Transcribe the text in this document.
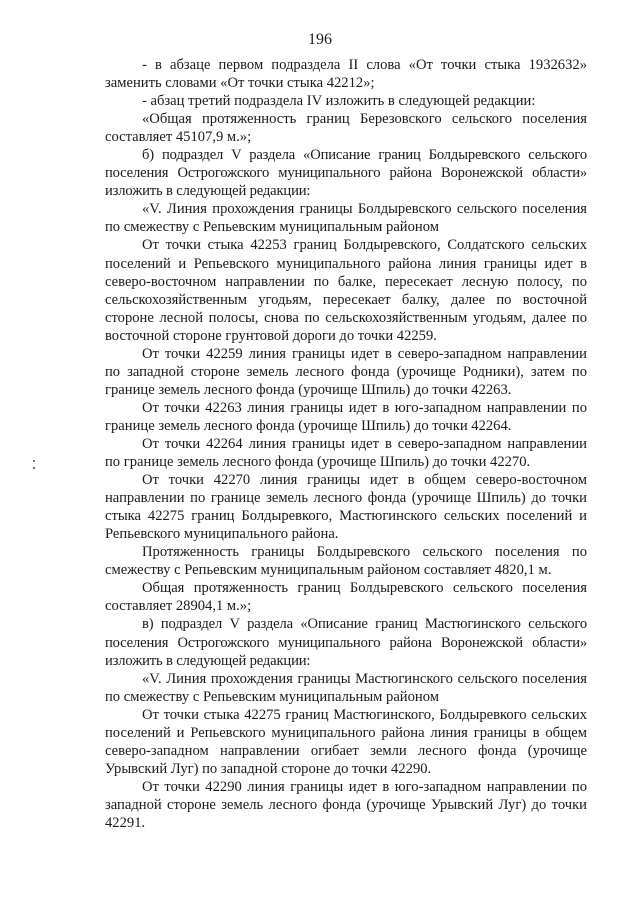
196

- в абзаце первом подраздела II слова «От точки стыка 1932632» заменить словами «От точки стыка 42212»;

- абзац третий подраздела IV изложить в следующей редакции:

«Общая протяженность границ Березовского сельского поселения составляет 45107,9 м.»;

б) подраздел V раздела «Описание границ Болдыревского сельского поселения Острогожского муниципального района Воронежской области» изложить в следующей редакции:

«V. Линия прохождения границы Болдыревского сельского поселения по смежеству с Репьевским муниципальным районом

От точки стыка 42253 границ Болдыревского, Солдатского сельских поселений и Репьевского муниципального района линия границы идет в северо-восточном направлении по балке, пересекает лесную полосу, по сельскохозяйственным угодьям, пересекает балку, далее по восточной стороне лесной полосы, снова по сельскохозяйственным угодьям, далее по восточной стороне грунтовой дороги до точки 42259.

От точки 42259 линия границы идет в северо-западном направлении по западной стороне земель лесного фонда (урочище Родники), затем по границе земель лесного фонда (урочище Шпиль) до точки 42263.

От точки 42263 линия границы идет в юго-западном направлении по границе земель лесного фонда (урочище Шпиль) до точки 42264.

От точки 42264 линия границы идет в северо-западном направлении по границе земель лесного фонда (урочище Шпиль) до точки 42270.

От точки 42270 линия границы идет в общем северо-восточном направлении по границе земель лесного фонда (урочище Шпиль) до точки стыка 42275 границ Болдыревкого, Мастюгинского сельских поселений и Репьевского муниципального района.

Протяженность границы Болдыревского сельского поселения по смежеству с Репьевским муниципальным районом составляет 4820,1 м.

Общая протяженность границ Болдыревского сельского поселения составляет 28904,1 м.»;

в) подраздел V раздела «Описание границ Мастюгинского сельского поселения Острогожского муниципального района Воронежской области» изложить в следующей редакции:

«V. Линия прохождения границы Мастюгинского сельского поселения по смежеству с Репьевским муниципальным районом

От точки стыка 42275 границ Мастюгинского, Болдыревкого сельских поселений и Репьевского муниципального района линия границы в общем северо-западном направлении огибает земли лесного фонда (урочище Урывский Луг) по западной стороне до точки 42290.

От точки 42290 линия границы идет в юго-западном направлении по западной стороне земель лесного фонда (урочище Урывский Луг) до точки 42291.
